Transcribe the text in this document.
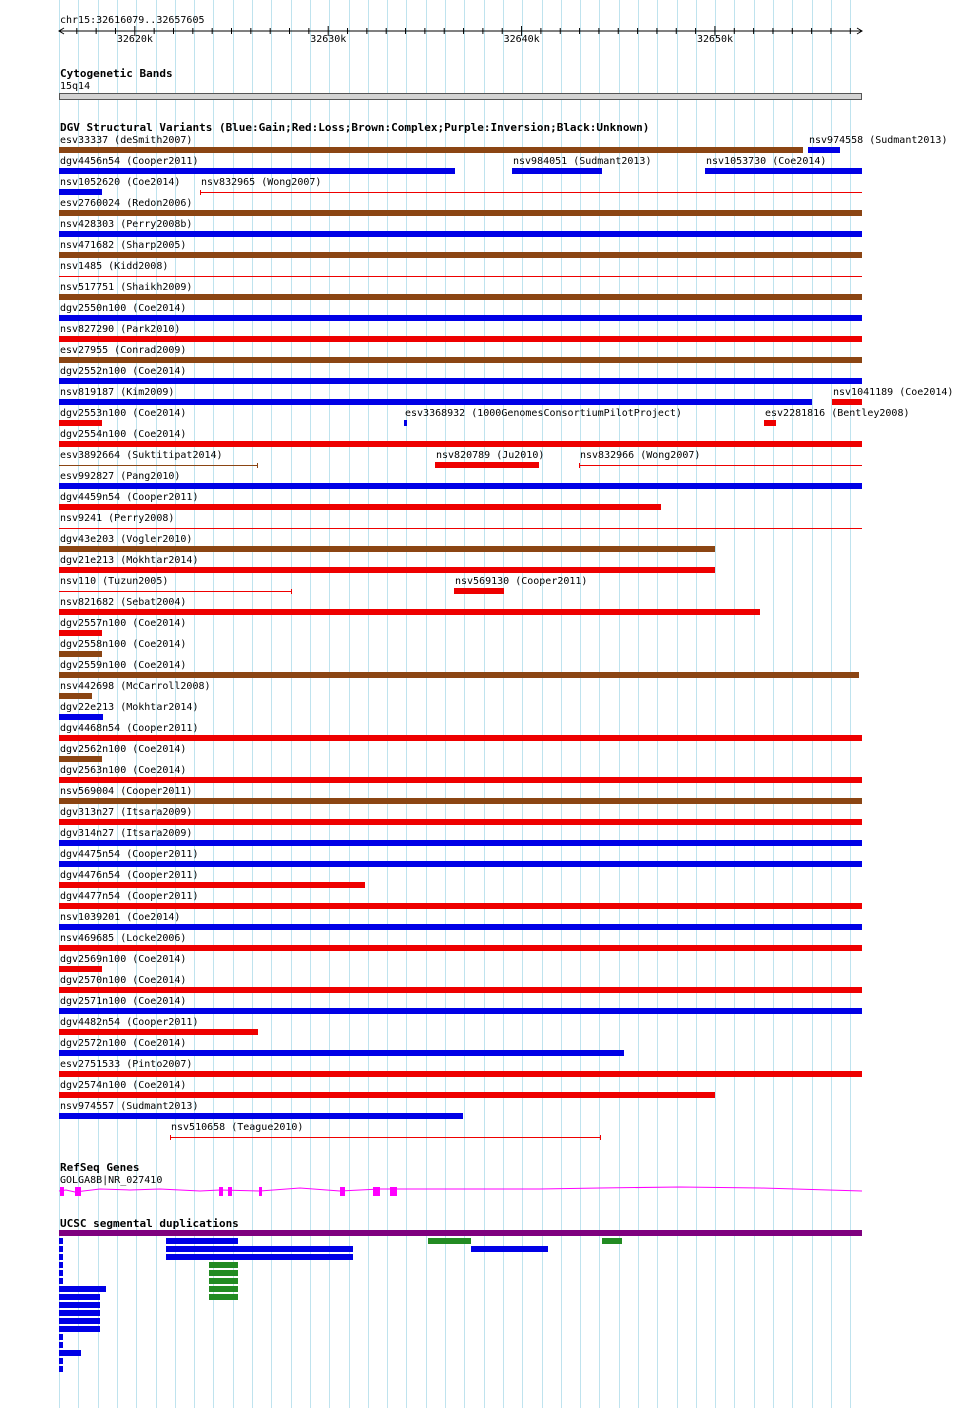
chr15:32616079..32657605
32620k	32630k	32640k	32650k
Cytogenetic Bands
15q14
DGV Structural Variants (Blue:Gain;Red:Loss;Brown:Complex;Purple:Inversion;Black:Unknown)
esv33337 (deSmith2007)	nsv974558 (Sudmant2013)
dgv4456n54 (Cooper2011)	nsv984051 (Sudmant2013)	nsv1053730 (Coe2014)
nsv1052620 (Coe2014) nsv832965 (Wong2007)
esv2760024 (Redon2006)
nsv428303 (Perry2008b)
nsv471682 (Sharp2005)
nsv1485 (Kidd2008)
nsv517751 (Shaikh2009)
dgv2550n100 (Coe2014)
nsv827290 (Park2010)
esv27955 (Conrad2009)
dgv2552n100 (Coe2014)
nsv819187 (Kim2009)	nsv1041189 (Coe2014)
dgv2553n100 (Coe2014)	esv3368932 (1000GenomesConsortiumPilotProject)	esv2281816 (Bentley2008)
dgv2554n100 (Coe2014)
esv3892664 (Suktitipat2014)	nsv820789 (Ju2010)	nsv832966 (Wong2007)
esv992827 (Pang2010)
dgv4459n54 (Cooper2011)
nsv9241 (Perry2008)
dgv43e203 (Vogler2010)
dgv21e213 (Mokhtar2014)
nsv110 (Tuzun2005)	nsv569130 (Cooper2011)
nsv821682 (Sebat2004)
dgv2557n100 (Coe2014)
dgv2558n100 (Coe2014)
dgv2559n100 (Coe2014)
nsv442698 (McCarroll2008)
dgv22e213 (Mokhtar2014)
dgv4468n54 (Cooper2011)
dgv2562n100 (Coe2014)
dgv2563n100 (Coe2014)
nsv569004 (Cooper2011)
dgv313n27 (Itsara2009)
dgv314n27 (Itsara2009)
dgv4475n54 (Cooper2011)
dgv4476n54 (Cooper2011)
dgv4477n54 (Cooper2011)
nsv1039201 (Coe2014)
nsv469685 (Locke2006)
dgv2569n100 (Coe2014)
dgv2570n100 (Coe2014)
dgv2571n100 (Coe2014)
dgv4482n54 (Cooper2011)
dgv2572n100 (Coe2014)
esv2751533 (Pinto2007)
dgv2574n100 (Coe2014)
nsv974557 (Sudmant2013)
nsv510658 (Teague2010)
RefSeq Genes
GOLGA8B|NR_027410
UCSC segmental duplications
